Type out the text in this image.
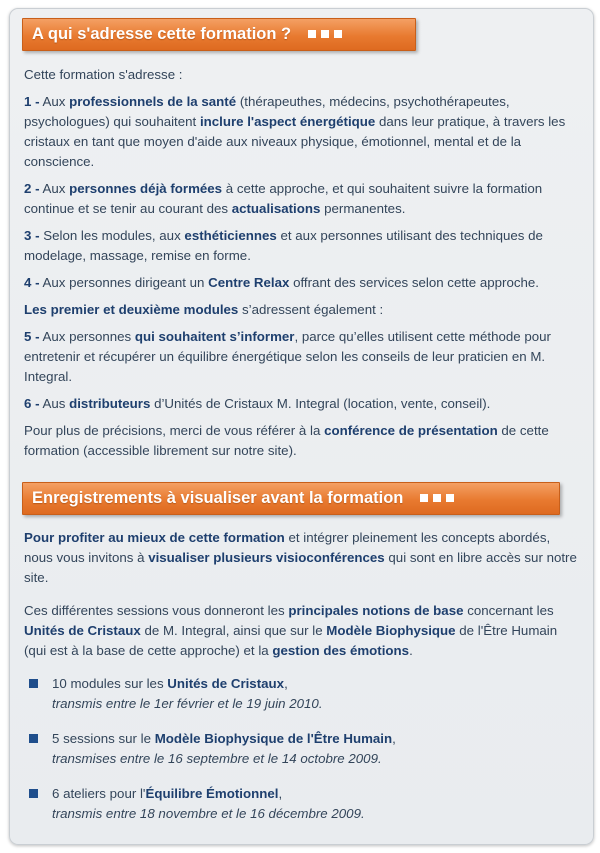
A qui s'adresse cette formation ?

Cette formation s'adresse :

1 - Aux professionnels de la santé (thérapeuthes, médecins, psychothérapeutes, psychologues) qui souhaitent inclure l'aspect énergétique dans leur pratique, à travers les cristaux en tant que moyen d'aide aux niveaux physique, émotionnel, mental et de la conscience.

2 - Aux personnes déjà formées à cette approche, et qui souhaitent suivre la formation continue et se tenir au courant des actualisations permanentes.

3 - Selon les modules, aux esthéticiennes et aux personnes utilisant des techniques de modelage, massage, remise en forme.

4 - Aux personnes dirigeant un Centre Relax offrant des services selon cette approche.

Les premier et deuxième modules s’adressent également :

5 - Aux personnes qui souhaitent s’informer, parce qu’elles utilisent cette méthode pour entretenir et récupérer un équilibre énergétique selon les conseils de leur praticien en M. Integral.

6 - Aus distributeurs d’Unités de Cristaux M. Integral (location, vente, conseil).

Pour plus de précisions, merci de vous référer à la conférence de présentation de cette formation (accessible librement sur notre site).

Enregistrements à visualiser avant la formation

Pour profiter au mieux de cette formation et intégrer pleinement les concepts abordés, nous vous invitons à visualiser plusieurs visioconférences qui sont en libre accès sur notre site.

Ces différentes sessions vous donneront les principales notions de base concernant les Unités de Cristaux de M. Integral, ainsi que sur le Modèle Biophysique de l'Être Humain (qui est à la base de cette approche) et la gestion des émotions.

10 modules sur les Unités de Cristaux,
transmis entre le 1er février et le 19 juin 2010.
5 sessions sur le Modèle Biophysique de l'Être Humain,
transmises entre le 16 septembre et le 14 octobre 2009.
6 ateliers pour l'Équilibre Émotionnel,
transmis entre 18 novembre et le 16 décembre 2009.
